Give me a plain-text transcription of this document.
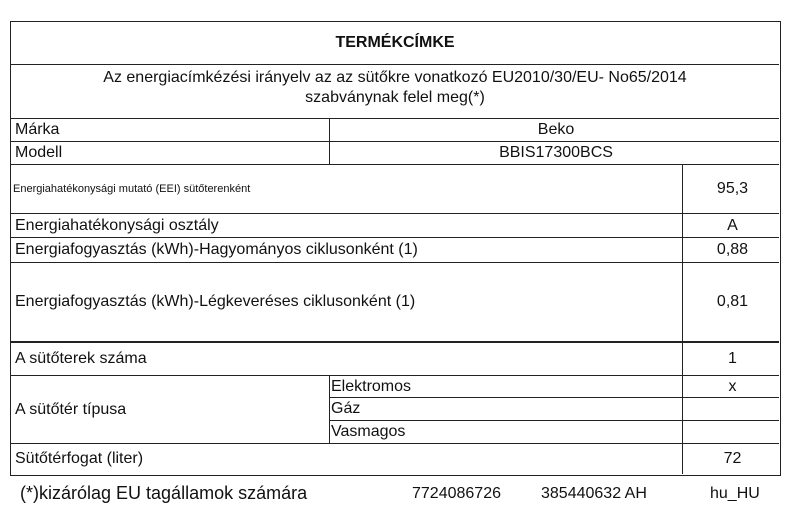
TERMÉKCÍMKE
Az energiacímkézési irányelv az az sütőkre vonatkozó EU2010/30/EU- No65/2014
szabványnak felel meg(*)
Márka	Beko
Modell	BBIS17300BCS
Energiahatékonysági mutató (EEI) sütőterenként	95,3
Energiahatékonysági osztály	A
Energiafogyasztás (kWh)-Hagyományos ciklusonként (1)	0,88
Energiafogyasztás (kWh)-Légkeveréses ciklusonként (1)	0,81
A sütőterek száma	1
A sütőtér típusa
Elektromos	x
Gáz
Vasmagos
Sütőtérfogat (liter)	72
(*)kizárólag EU tagállamok számára	7724086726	385440632 AH	hu_HU
